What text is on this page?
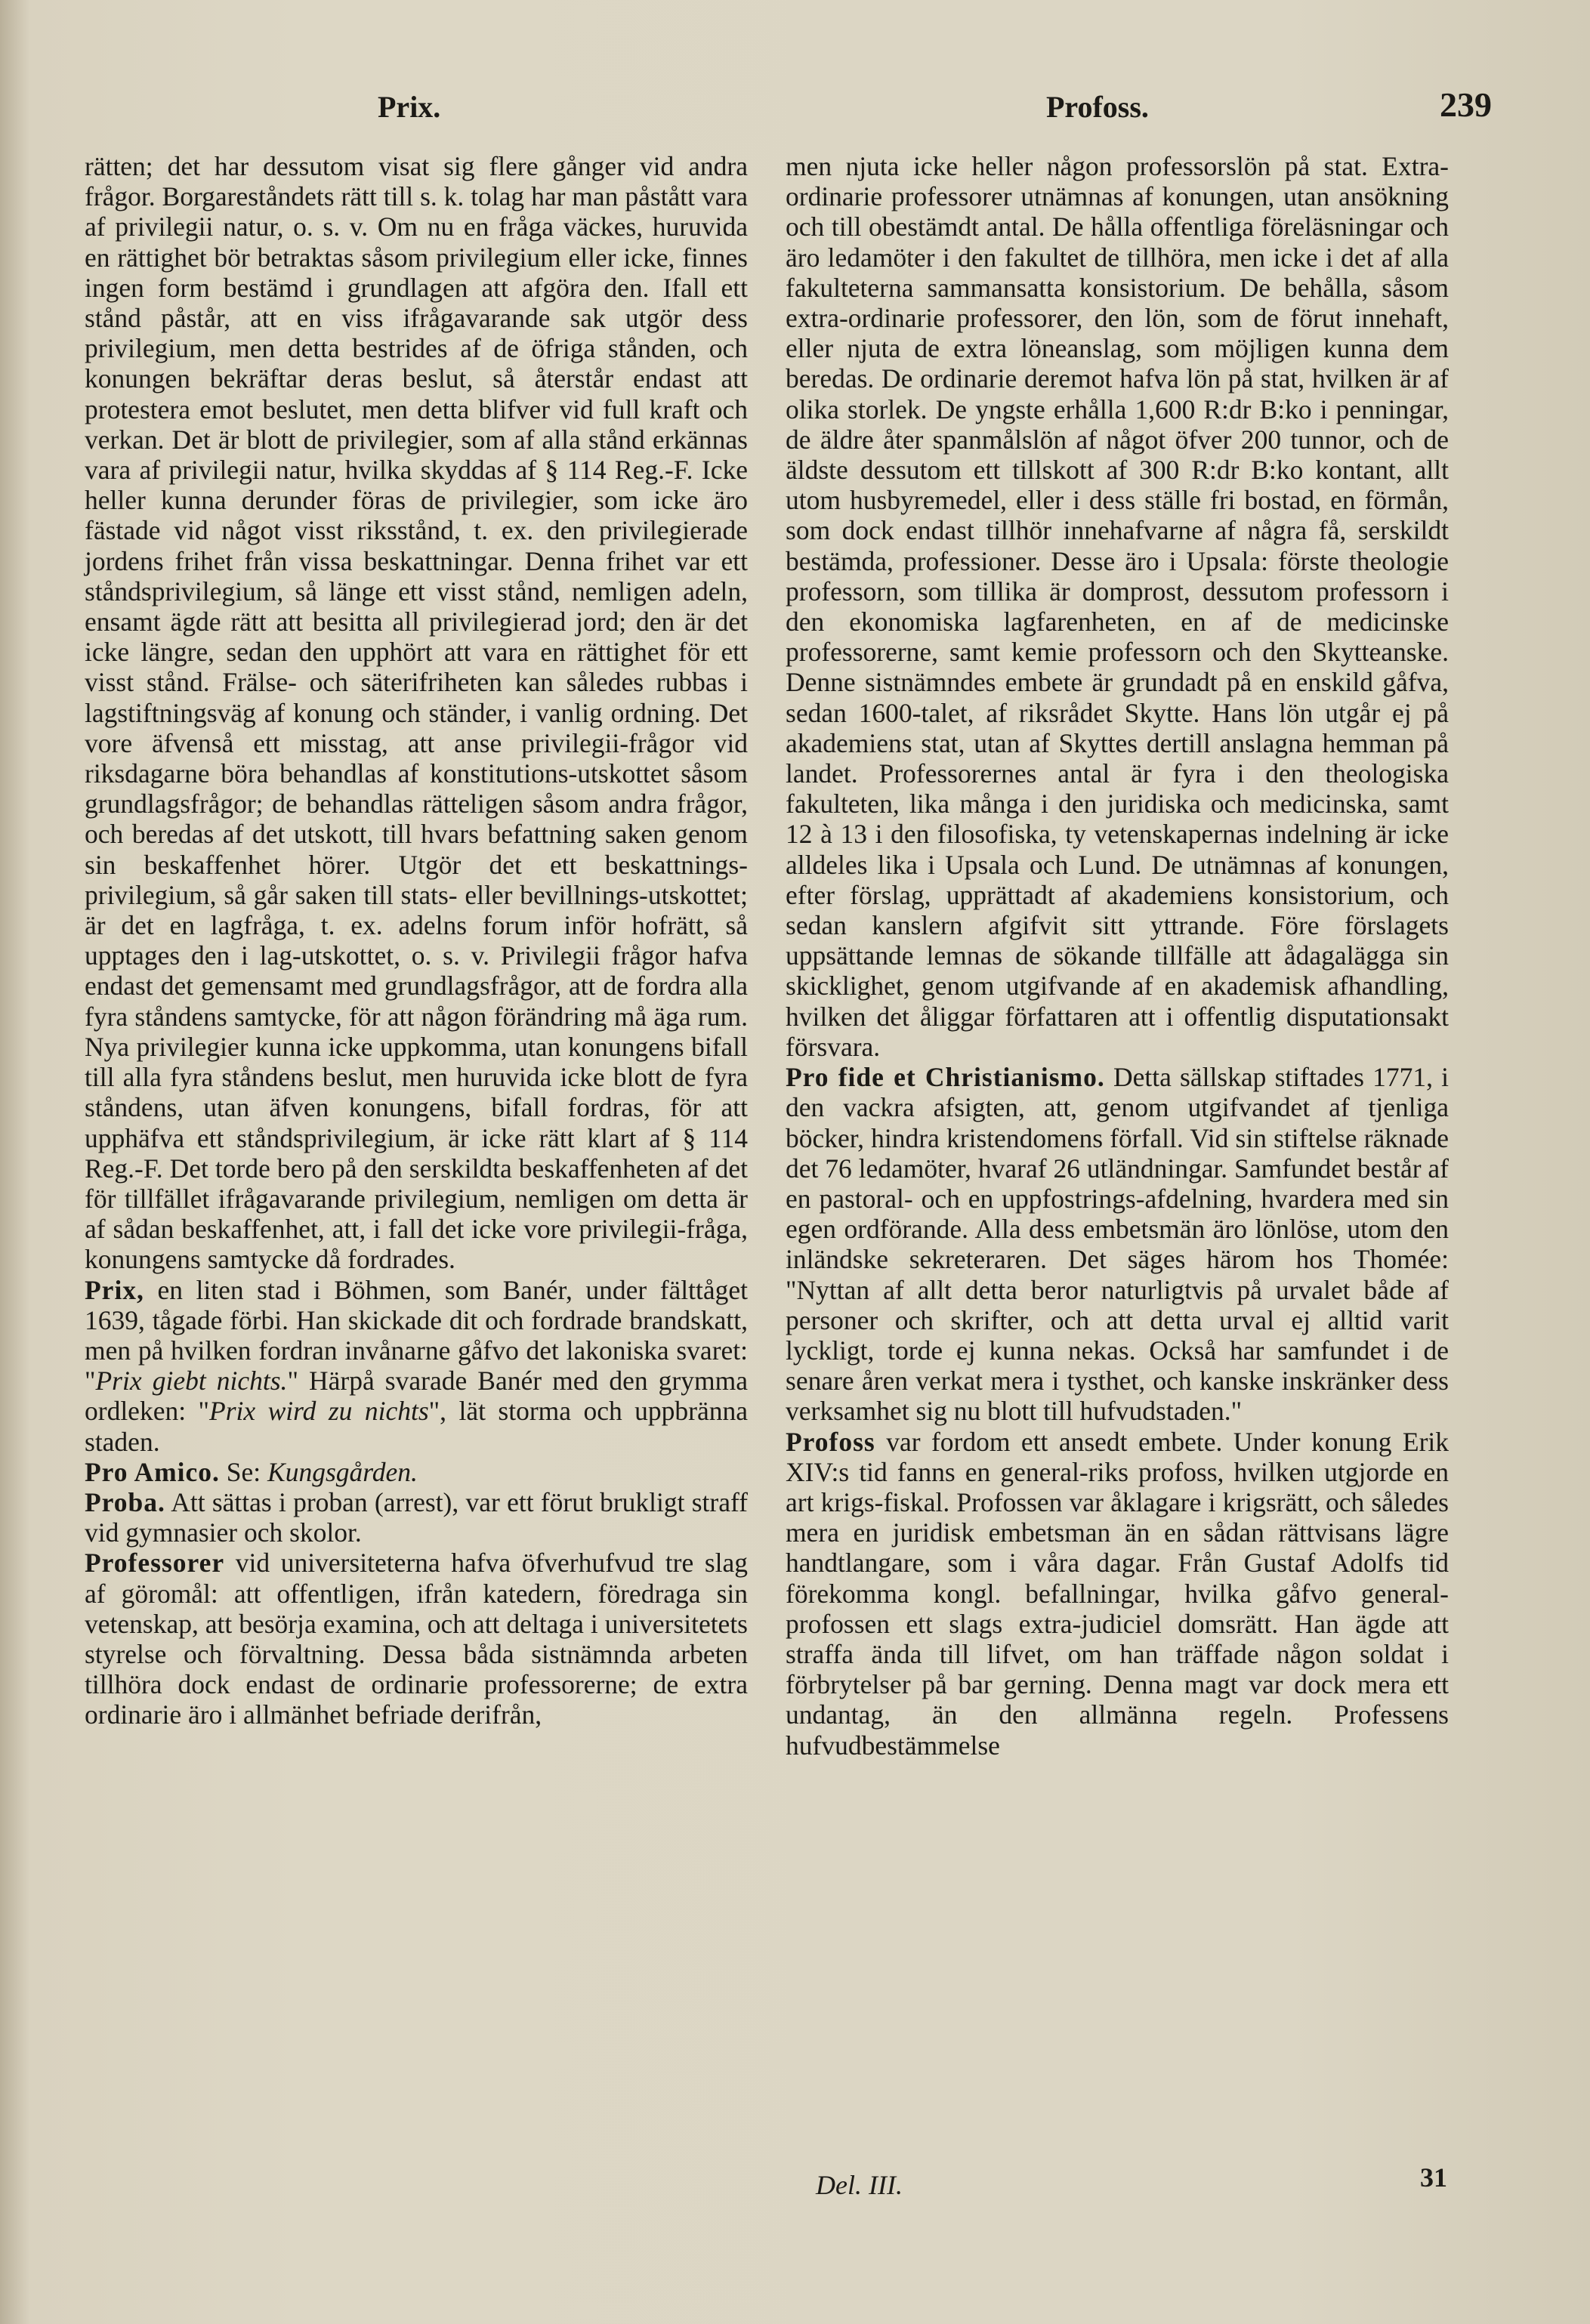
Prix.	Profoss.	239

rätten; det har dessutom visat sig flere gånger vid andra frågor. Borgareståndets rätt till s. k. tolag har man påstått vara af privilegii natur, o. s. v. Om nu en fråga väckes, huruvida en rättighet bör betraktas såsom privilegium eller icke, finnes ingen form bestämd i grundlagen att afgöra den. Ifall ett stånd påstår, att en viss ifrågavarande sak utgör dess privilegium, men detta bestrides af de öfriga stånden, och konungen bekräftar deras beslut, så återstår endast att protestera emot beslutet, men detta blifver vid full kraft och verkan. Det är blott de privilegier, som af alla stånd erkännas vara af privilegii natur, hvilka skyddas af § 114 Reg.-F. Icke heller kunna derunder föras de privilegier, som icke äro fästade vid något visst riksstånd, t. ex. den privilegierade jordens frihet från vissa beskattningar. Denna frihet var ett ståndsprivilegium, så länge ett visst stånd, nemligen adeln, ensamt ägde rätt att besitta all privilegierad jord; den är det icke längre, sedan den upphört att vara en rättighet för ett visst stånd. Frälse- och säterifriheten kan således rubbas i lagstiftningsväg af konung och ständer, i vanlig ordning. Det vore äfvenså ett misstag, att anse privilegii-frågor vid riksdagarne böra behandlas af konstitutions-utskottet såsom grundlagsfrågor; de behandlas rätteligen såsom andra frågor, och beredas af det utskott, till hvars befattning saken genom sin beskaffenhet hörer. Utgör det ett beskattnings-privilegium, så går saken till stats- eller bevillnings-utskottet; är det en lagfråga, t. ex. adelns forum inför hofrätt, så upptages den i lag-utskottet, o. s. v. Privilegii frågor hafva endast det gemensamt med grundlagsfrågor, att de fordra alla fyra ståndens samtycke, för att någon förändring må äga rum. Nya privilegier kunna icke uppkomma, utan konungens bifall till alla fyra ståndens beslut, men huruvida icke blott de fyra ståndens, utan äfven konungens, bifall fordras, för att upphäfva ett ståndsprivilegium, är icke rätt klart af § 114 Reg.-F. Det torde bero på den serskildta beskaffenheten af det för tillfället ifrågavarande privilegium, nemligen om detta är af sådan beskaffenhet, att, i fall det icke vore privilegii-fråga, konungens samtycke då fordrades.

Prix, en liten stad i Böhmen, som Banér, under fälttåget 1639, tågade förbi. Han skickade dit och fordrade brandskatt, men på hvilken fordran invånarne gåfvo det lakoniska svaret: "Prix giebt nichts." Härpå svarade Banér med den grymma ordleken: "Prix wird zu nichts", lät storma och uppbränna staden.

Pro Amico. Se: Kungsgården.

Proba. Att sättas i proban (arrest), var ett förut brukligt straff vid gymnasier och skolor.

Professorer vid universiteterna hafva öfverhufvud tre slag af göromål: att offentligen, ifrån katedern, föredraga sin vetenskap, att besörja examina, och att deltaga i universitetets styrelse och förvaltning. Dessa båda sistnämnda arbeten tillhöra dock endast de ordinarie professorerne; de extra ordinarie äro i allmänhet befriade derifrån,

men njuta icke heller någon professorslön på stat. Extra-ordinarie professorer utnämnas af konungen, utan ansökning och till obestämdt antal. De hålla offentliga föreläsningar och äro ledamöter i den fakultet de tillhöra, men icke i det af alla fakulteterna sammansatta konsistorium. De behålla, såsom extra-ordinarie professorer, den lön, som de förut innehaft, eller njuta de extra löneanslag, som möjligen kunna dem beredas. De ordinarie deremot hafva lön på stat, hvilken är af olika storlek. De yngste erhålla 1,600 R:dr B:ko i penningar, de äldre åter spanmålslön af något öfver 200 tunnor, och de äldste dessutom ett tillskott af 300 R:dr B:ko kontant, allt utom husbyremedel, eller i dess ställe fri bostad, en förmån, som dock endast tillhör innehafvarne af några få, serskildt bestämda, professioner. Desse äro i Upsala: förste theologie professorn, som tillika är domprost, dessutom professorn i den ekonomiska lagfarenheten, en af de medicinske professorerne, samt kemie professorn och den Skytteanske. Denne sistnämndes embete är grundadt på en enskild gåfva, sedan 1600-talet, af riksrådet Skytte. Hans lön utgår ej på akademiens stat, utan af Skyttes dertill anslagna hemman på landet. Professorernes antal är fyra i den theologiska fakulteten, lika många i den juridiska och medicinska, samt 12 à 13 i den filosofiska, ty vetenskapernas indelning är icke alldeles lika i Upsala och Lund. De utnämnas af konungen, efter förslag, upprättadt af akademiens konsistorium, och sedan kanslern afgifvit sitt yttrande. Före förslagets uppsättande lemnas de sökande tillfälle att ådagalägga sin skicklighet, genom utgifvande af en akademisk afhandling, hvilken det åliggar författaren att i offentlig disputationsakt försvara.

Pro fide et Christianismo. Detta sällskap stiftades 1771, i den vackra afsigten, att, genom utgifvandet af tjenliga böcker, hindra kristendomens förfall. Vid sin stiftelse räknade det 76 ledamöter, hvaraf 26 utländningar. Samfundet består af en pastoral- och en uppfostrings-afdelning, hvardera med sin egen ordförande. Alla dess embetsmän äro lönlöse, utom den inländske sekreteraren. Det säges härom hos Thomée: "Nyttan af allt detta beror naturligtvis på urvalet både af personer och skrifter, och att detta urval ej alltid varit lyckligt, torde ej kunna nekas. Också har samfundet i de senare åren verkat mera i tysthet, och kanske inskränker dess verksamhet sig nu blott till hufvudstaden."

Profoss var fordom ett ansedt embete. Under konung Erik XIV:s tid fanns en general-riks profoss, hvilken utgjorde en art krigs-fiskal. Profossen var åklagare i krigsrätt, och således mera en juridisk embetsman än en sådan rättvisans lägre handtlangare, som i våra dagar. Från Gustaf Adolfs tid förekomma kongl. befallningar, hvilka gåfvo general-profossen ett slags extra-judiciel domsrätt. Han ägde att straffa ända till lifvet, om han träffade någon soldat i förbrytelser på bar gerning. Denna magt var dock mera ett undantag, än den allmänna regeln. Professens hufvudbestämmelse

Del. III.	31
